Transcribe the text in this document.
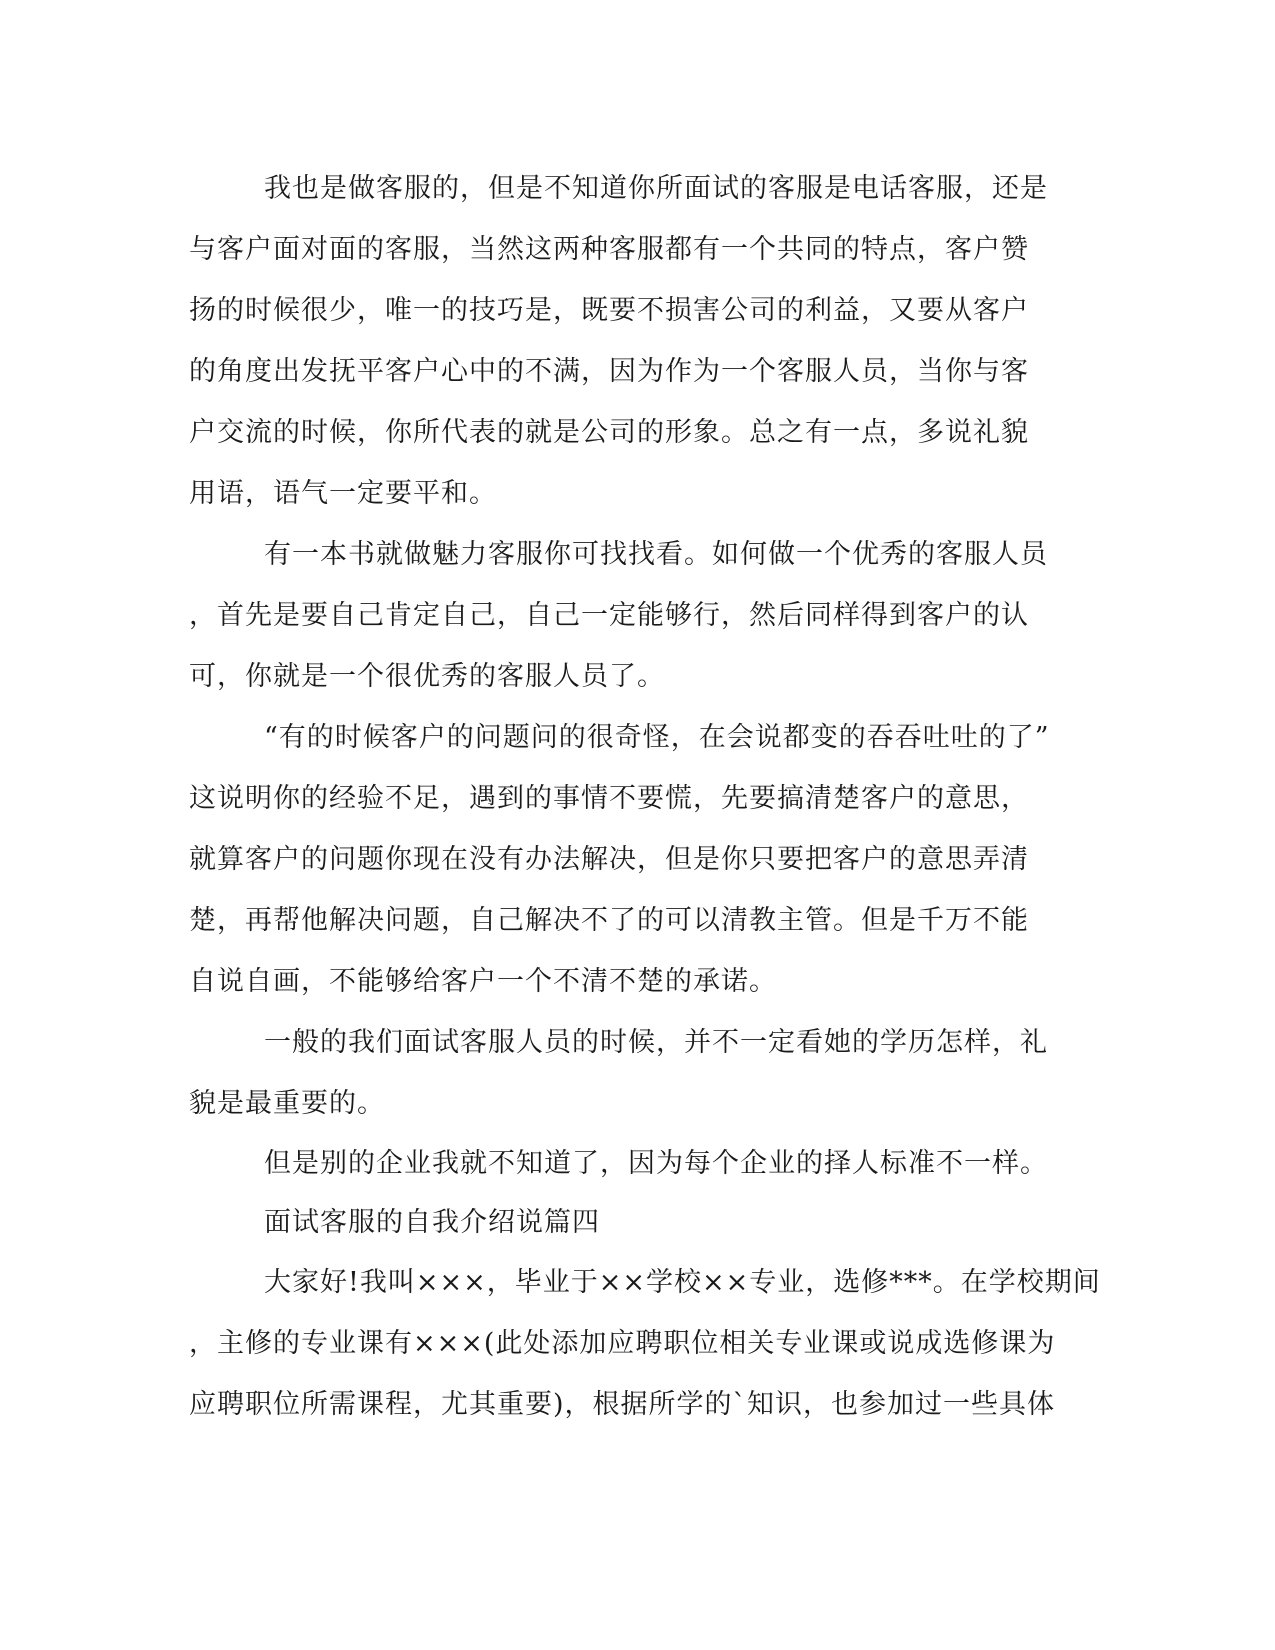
我也是做客服的，但是不知道你所面试的客服是电话客服，还是
与客户面对面的客服，当然这两种客服都有一个共同的特点，客户赞
扬的时候很少，唯一的技巧是，既要不损害公司的利益，又要从客户
的角度出发抚平客户心中的不满，因为作为一个客服人员，当你与客
户交流的时候，你所代表的就是公司的形象。总之有一点，多说礼貌
用语，语气一定要平和。
有一本书就做魅力客服你可找找看。如何做一个优秀的客服人员
，首先是要自己肯定自己，自己一定能够行，然后同样得到客户的认
可，你就是一个很优秀的客服人员了。
“有的时候客户的问题问的很奇怪，在会说都变的吞吞吐吐的了”
这说明你的经验不足，遇到的事情不要慌，先要搞清楚客户的意思，
就算客户的问题你现在没有办法解决，但是你只要把客户的意思弄清
楚，再帮他解决问题，自己解决不了的可以清教主管。但是千万不能
自说自画，不能够给客户一个不清不楚的承诺。
一般的我们面试客服人员的时候，并不一定看她的学历怎样，礼
貌是最重要的。
但是别的企业我就不知道了，因为每个企业的择人标准不一样。
面试客服的自我介绍说篇四
大家好!我叫×××，毕业于××学校××专业，选修***。在学校期间
，主修的专业课有×××(此处添加应聘职位相关专业课或说成选修课为
应聘职位所需课程，尤其重要)，根据所学的`知识，也参加过一些具体
